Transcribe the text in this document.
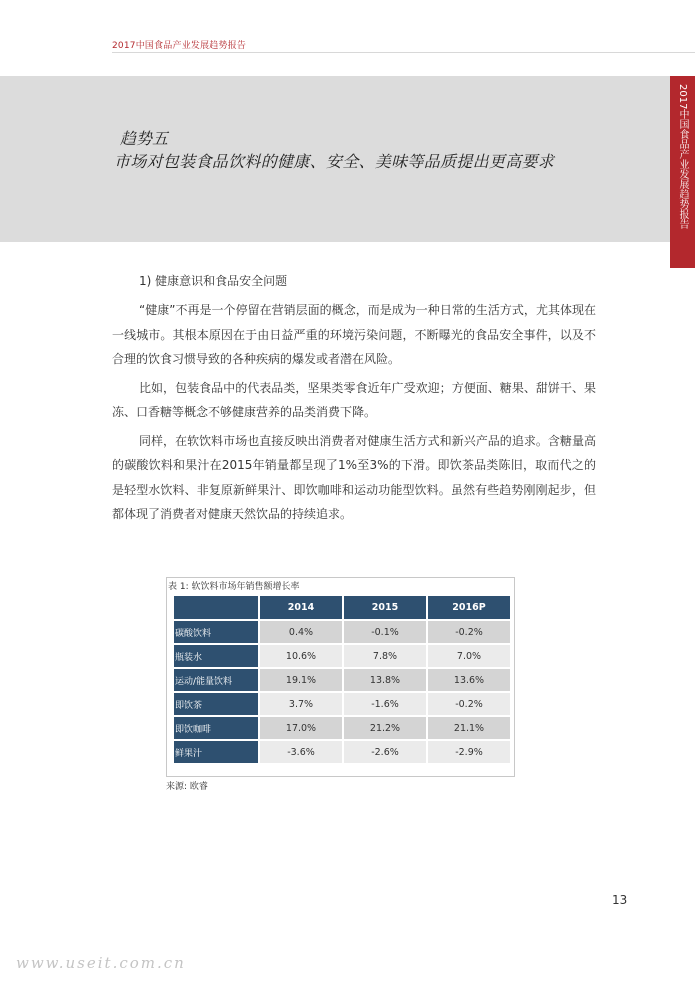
2017中国食品产业发展趋势报告
趋势五
市场对包装食品饮料的健康、安全、美味等品质提出更高要求	2017中国食品产业发展趋势报告
1) 健康意识和食品安全问题

“健康”不再是一个停留在营销层面的概念，而是成为一种日常的生活方式，尤其体现在一线城市。其根本原因在于由日益严重的环境污染问题，不断曝光的食品安全事件，以及不合理的饮食习惯导致的各种疾病的爆发或者潜在风险。

比如，包装食品中的代表品类，坚果类零食近年广受欢迎；方便面、糖果、甜饼干、果冻、口香糖等概念不够健康营养的品类消费下降。

同样，在软饮料市场也直接反映出消费者对健康生活方式和新兴产品的追求。含糖量高的碳酸饮料和果汁在2015年销量都呈现了1%至3%的下滑。即饮茶品类陈旧，取而代之的是轻型水饮料、非复原新鲜果汁、即饮咖啡和运动功能型饮料。虽然有些趋势刚刚起步，但都体现了消费者对健康天然饮品的持续追求。

表 1: 软饮料市场年销售额增长率
	2014	2015	2016P
碳酸饮料	0.4%	-0.1%	-0.2%
瓶装水	10.6%	7.8%	7.0%
运动/能量饮料	19.1%	13.8%	13.6%
即饮茶	3.7%	-1.6%	-0.2%
即饮咖啡	17.0%	21.2%	21.1%
鲜果汁	-3.6%	-2.6%	-2.9%
来源: 欧睿
13
www.useit.com.cn
